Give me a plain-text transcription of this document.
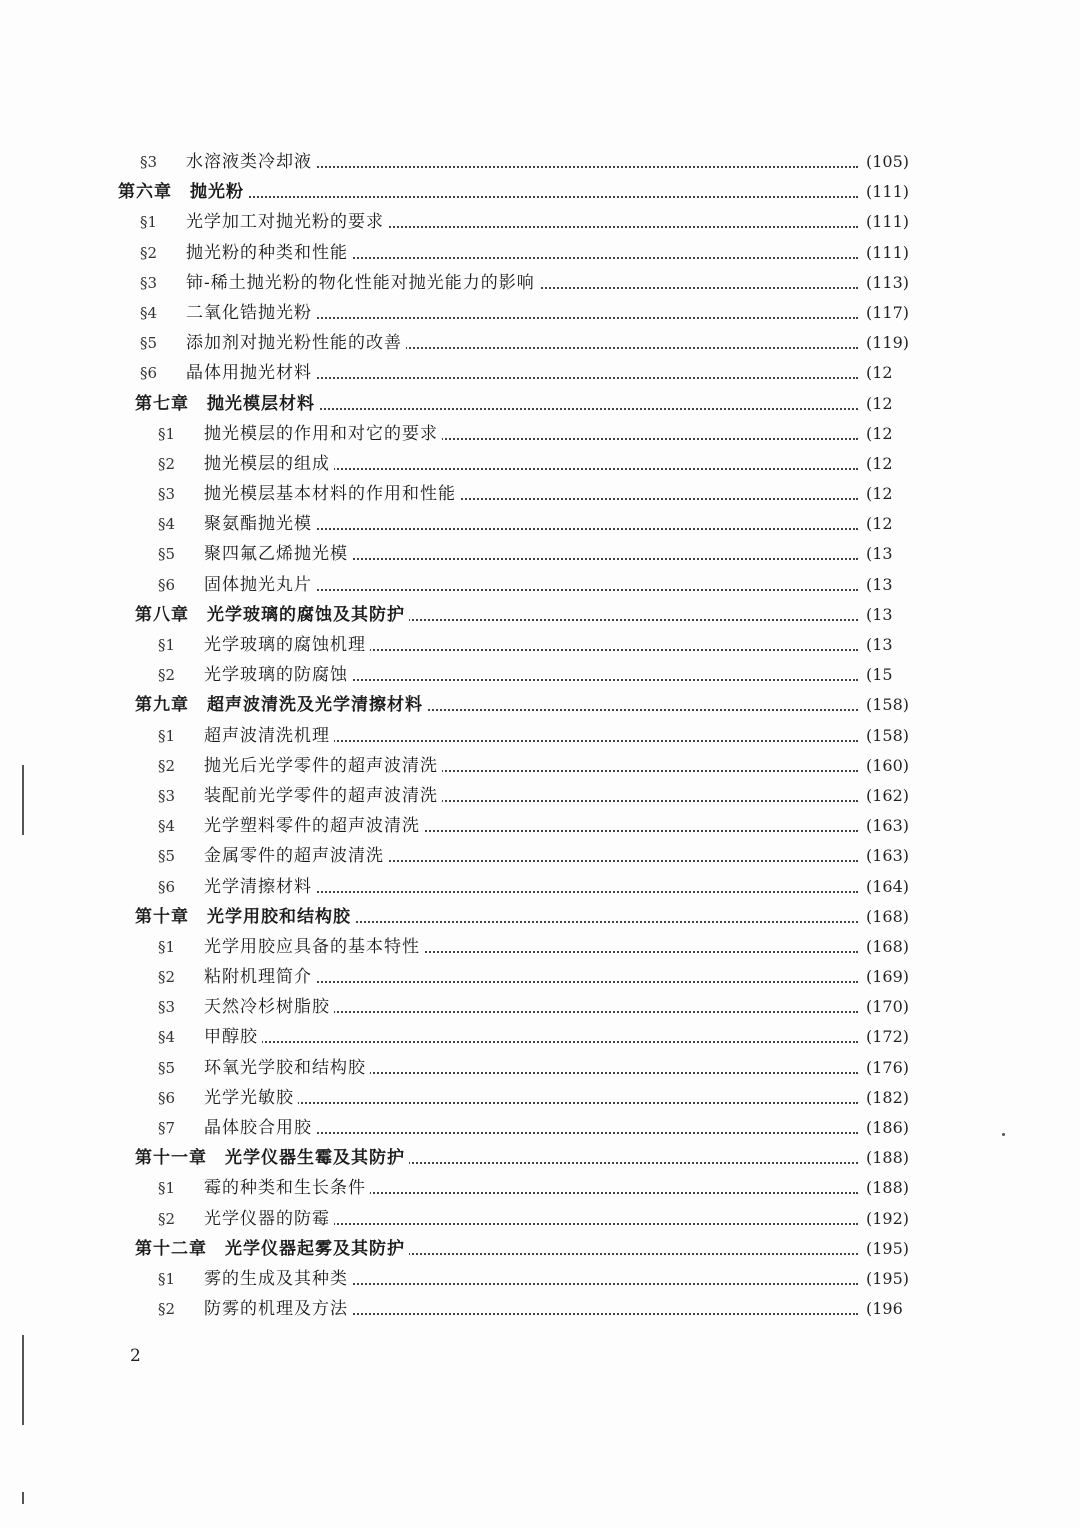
§3 水溶液类冷却液	(105)
第六章　抛光粉	(111)
§1 光学加工对抛光粉的要求	(111)
§2 抛光粉的种类和性能	(111)
§3 铈-稀土抛光粉的物化性能对抛光能力的影响	(113)
§4 二氧化锆抛光粉	(117)
§5 添加剂对抛光粉性能的改善	(119)
§6 晶体用抛光材料	(12
第七章　抛光模层材料	(12
§1 抛光模层的作用和对它的要求	(12
§2 抛光模层的组成	(12
§3 抛光模层基本材料的作用和性能	(12
§4 聚氨酯抛光模	(12
§5 聚四氟乙烯抛光模	(13
§6 固体抛光丸片	(13
第八章　光学玻璃的腐蚀及其防护	(13
§1 光学玻璃的腐蚀机理	(13
§2 光学玻璃的防腐蚀	(15
第九章　超声波清洗及光学清擦材料	(158)
§1 超声波清洗机理	(158)
§2 抛光后光学零件的超声波清洗	(160)
§3 装配前光学零件的超声波清洗	(162)
§4 光学塑料零件的超声波清洗	(163)
§5 金属零件的超声波清洗	(163)
§6 光学清擦材料	(164)
第十章　光学用胶和结构胶	(168)
§1 光学用胶应具备的基本特性	(168)
§2 粘附机理简介	(169)
§3 天然冷杉树脂胶	(170)
§4 甲醇胶	(172)
§5 环氧光学胶和结构胶	(176)
§6 光学光敏胶	(182)
§7 晶体胶合用胶	(186)
第十一章　光学仪器生霉及其防护	(188)
§1 霉的种类和生长条件	(188)
§2 光学仪器的防霉	(192)
第十二章　光学仪器起雾及其防护	(195)
§1 雾的生成及其种类	(195)
§2 防雾的机理及方法	(196
2
